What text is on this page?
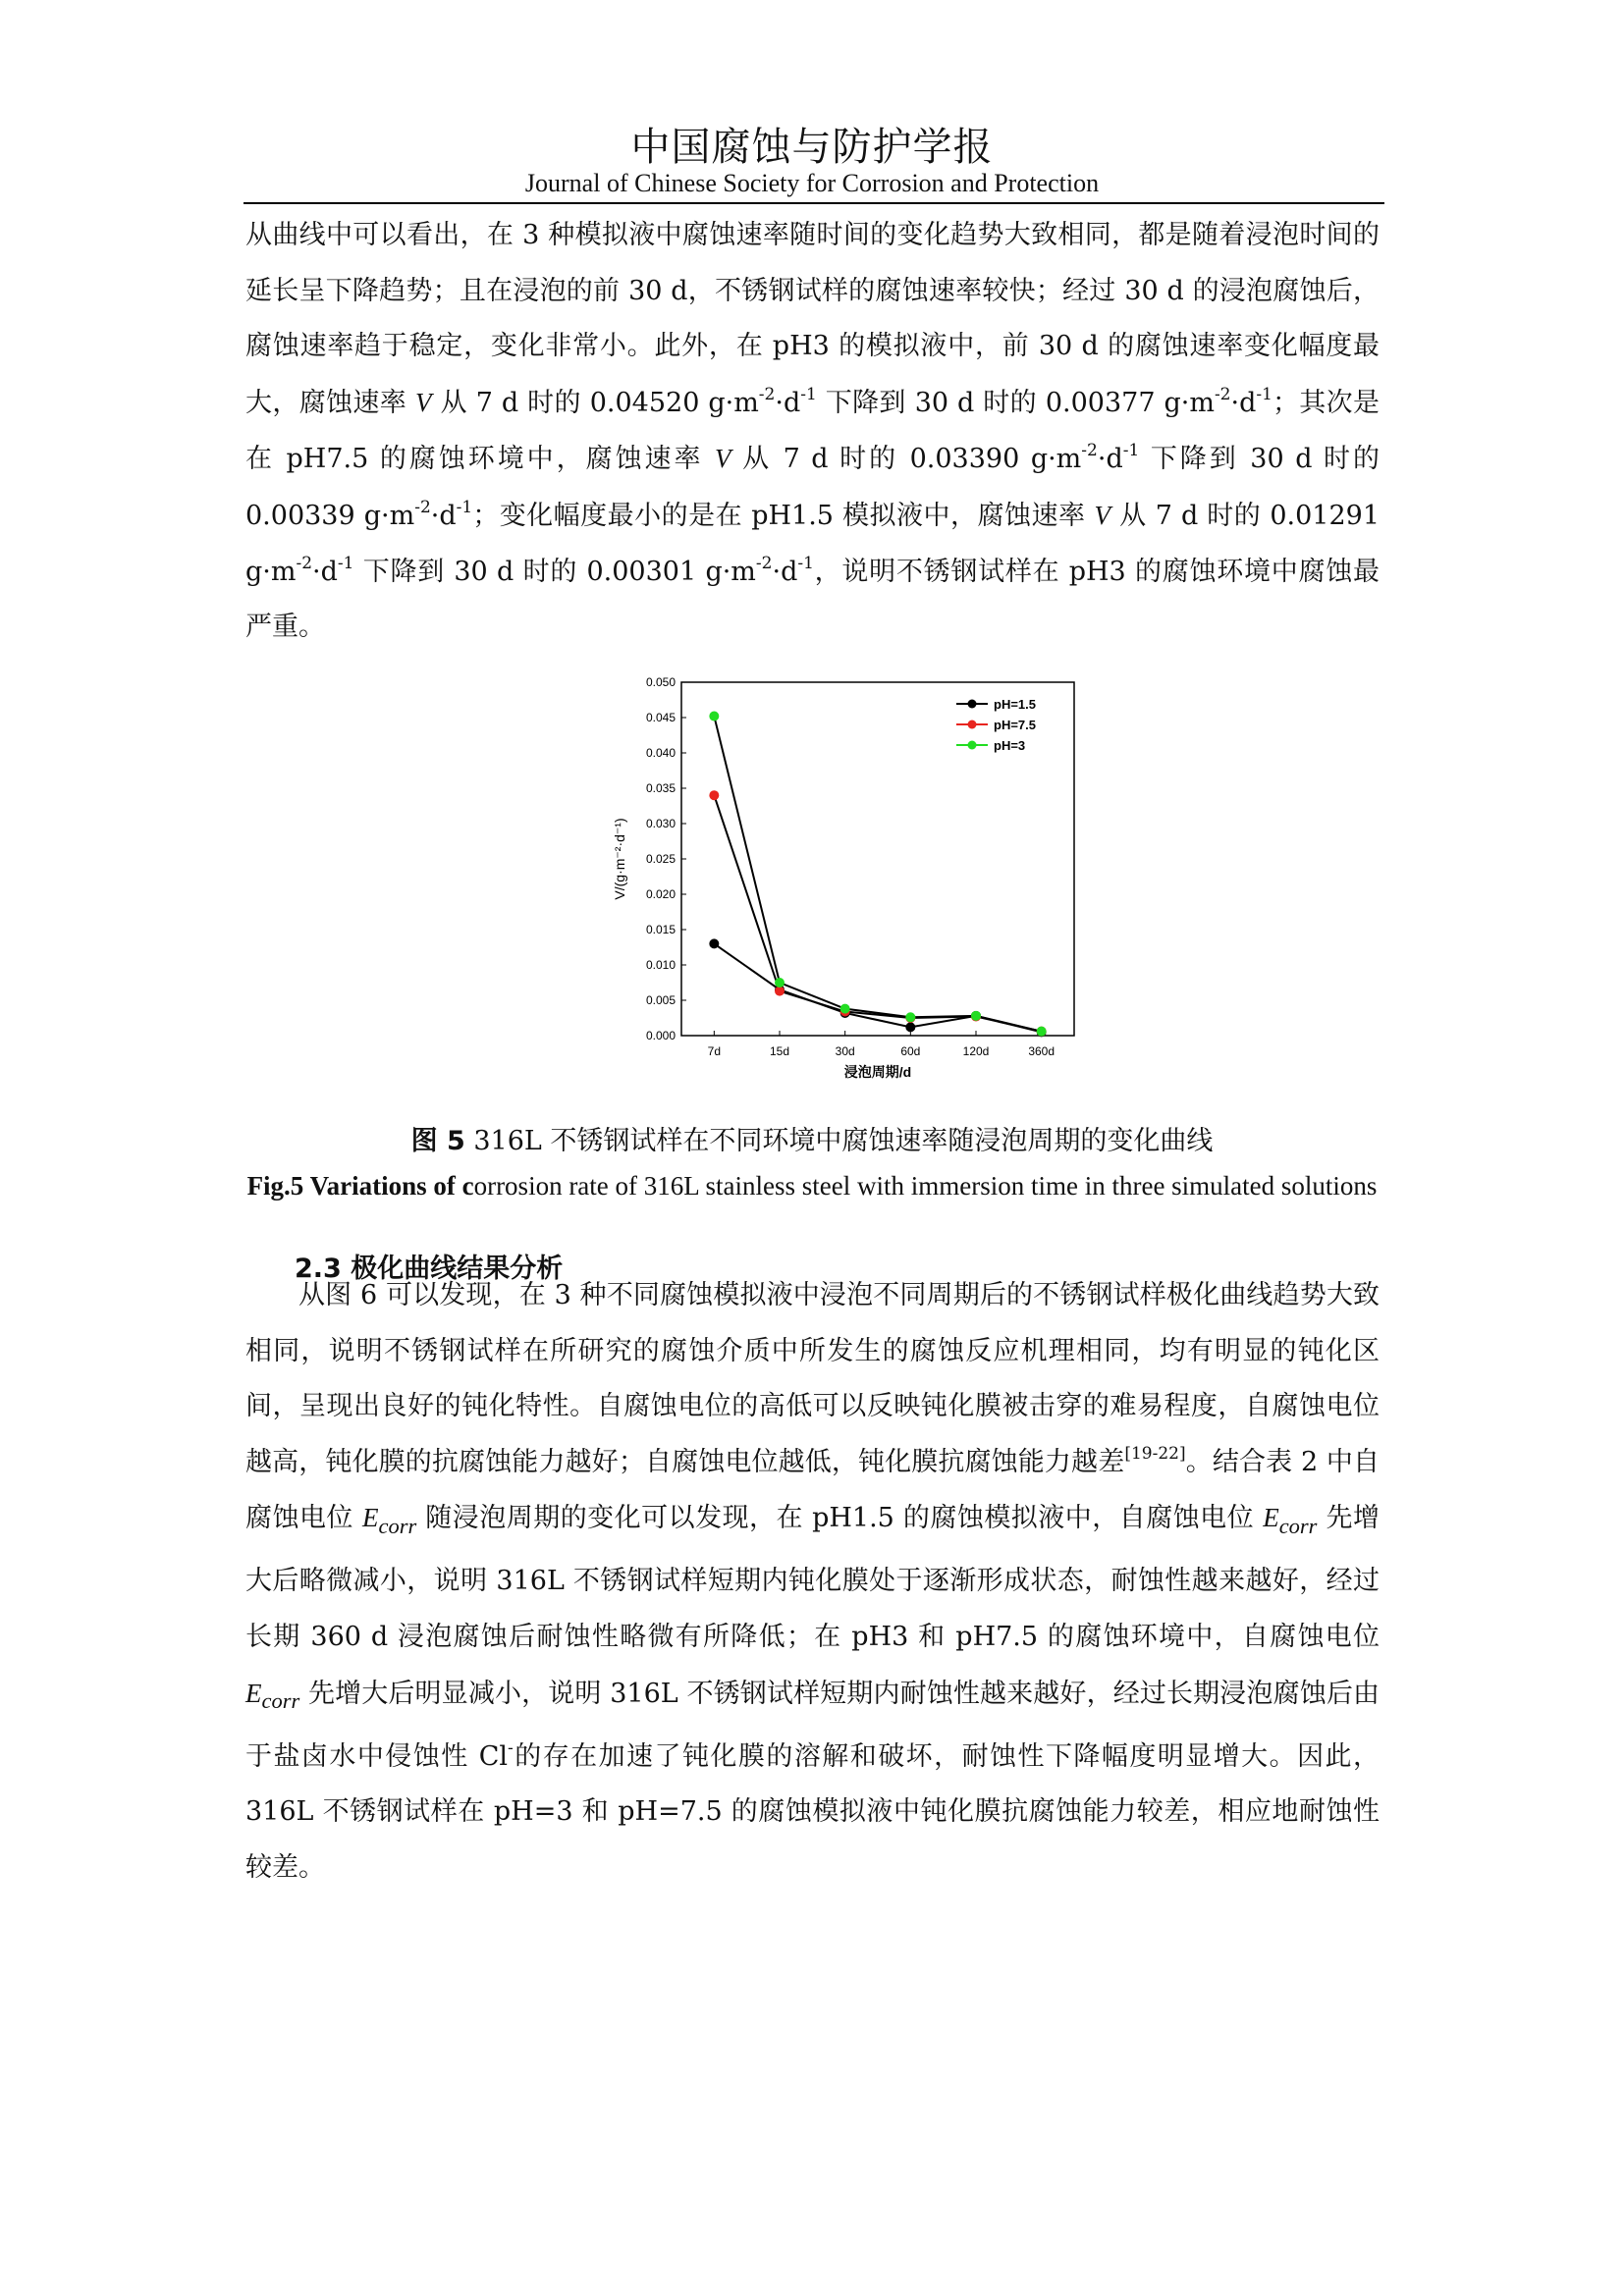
中国腐蚀与防护学报
Journal of Chinese Society for Corrosion and Protection
从曲线中可以看出，在 3 种模拟液中腐蚀速率随时间的变化趋势大致相同，都是随着浸泡时间的延长呈下降趋势；且在浸泡的前 30 d，不锈钢试样的腐蚀速率较快；经过 30 d 的浸泡腐蚀后，腐蚀速率趋于稳定，变化非常小。此外，在 pH3 的模拟液中，前 30 d 的腐蚀速率变化幅度最大，腐蚀速率 V 从 7 d 时的 0.04520 $g\cdot m^{-2}\cdot d^{-1}$ 下降到 30 d 时的 0.00377 $g\cdot m^{-2}\cdot d^{-1}$；其次是在 pH7.5 的腐蚀环境中，腐蚀速率 V 从 7 d 时的 0.03390 $g\cdot m^{-2}\cdot d^{-1}$ 下降到 30 d 时的 0.00339 $g\cdot m^{-2}\cdot d^{-1}$；变化幅度最小的是在 pH1.5 模拟液中，腐蚀速率 V 从 7 d 时的 0.01291 $g\cdot m^{-2}\cdot d^{-1}$ 下降到 30 d 时的 0.00301 $g\cdot m^{-2}\cdot d^{-1}$，说明不锈钢试样在 pH3 的腐蚀环境中腐蚀最严重。
0.000
0.005
0.010
0.015
0.020
0.025
0.030
0.035
0.040
0.045
0.050
7d	15d	30d	60d	120d	360d
浸泡周期/d
V/(g·m⁻²·d⁻¹)
pH=1.5
pH=7.5
pH=3
图 5 316L 不锈钢试样在不同环境中腐蚀速率随浸泡周期的变化曲线
Fig.5 Variations of corrosion rate of 316L stainless steel with immersion time in three simulated solutions
2.3 极化曲线结果分析
从图 6 可以发现，在 3 种不同腐蚀模拟液中浸泡不同周期后的不锈钢试样极化曲线趋势大致相同，说明不锈钢试样在所研究的腐蚀介质中所发生的腐蚀反应机理相同，均有明显的钝化区间，呈现出良好的钝化特性。自腐蚀电位的高低可以反映钝化膜被击穿的难易程度，自腐蚀电位越高，钝化膜的抗腐蚀能力越好；自腐蚀电位越低，钝化膜抗腐蚀能力越差[19-22]。结合表 2 中自腐蚀电位 $E_{corr}$ 随浸泡周期的变化可以发现，在 pH1.5 的腐蚀模拟液中，自腐蚀电位 $E_{corr}$ 先增大后略微减小，说明 316L 不锈钢试样短期内钝化膜处于逐渐形成状态，耐蚀性越来越好，经过长期 360 d 浸泡腐蚀后耐蚀性略微有所降低；在 pH3 和 pH7.5 的腐蚀环境中，自腐蚀电位 $E_{corr}$ 先增大后明显减小，说明 316L 不锈钢试样短期内耐蚀性越来越好，经过长期浸泡腐蚀后由于盐卤水中侵蚀性 Cl-的存在加速了钝化膜的溶解和破坏，耐蚀性下降幅度明显增大。因此，316L 不锈钢试样在 pH=3 和 pH=7.5 的腐蚀模拟液中钝化膜抗腐蚀能力较差，相应地耐蚀性较差。
